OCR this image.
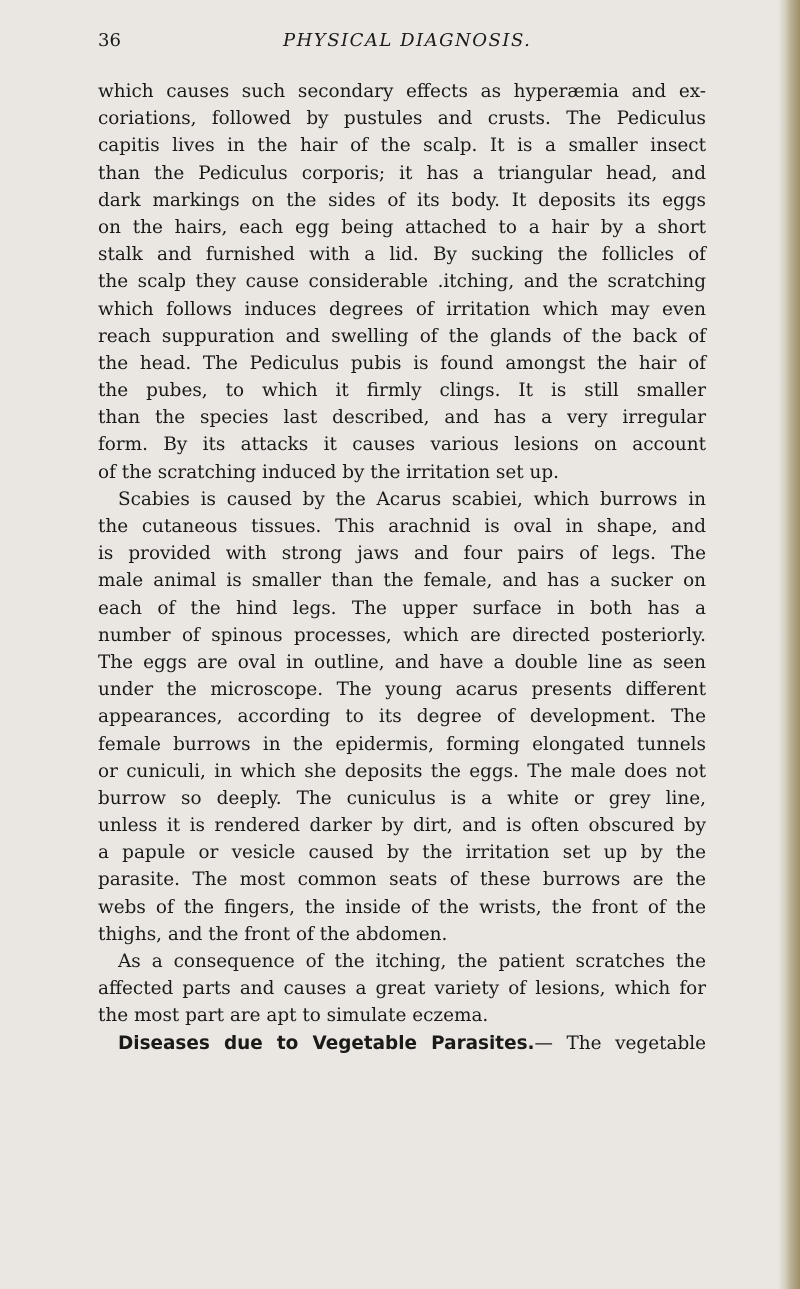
36	PHYSICAL DIAGNOSIS.
which causes such secondary effects as hyperæmia and ex-
coriations, followed by pustules and crusts. The Pediculus
capitis lives in the hair of the scalp. It is a smaller insect
than the Pediculus corporis; it has a triangular head, and
dark markings on the sides of its body. It deposits its eggs
on the hairs, each egg being attached to a hair by a short
stalk and furnished with a lid. By sucking the follicles of
the scalp they cause considerable .itching, and the scratching
which follows induces degrees of irritation which may even
reach suppuration and swelling of the glands of the back of
the head. The Pediculus pubis is found amongst the hair of
the pubes, to which it firmly clings. It is still smaller
than the species last described, and has a very irregular
form. By its attacks it causes various lesions on account
of the scratching induced by the irritation set up.
Scabies is caused by the Acarus scabiei, which burrows in
the cutaneous tissues. This arachnid is oval in shape, and
is provided with strong jaws and four pairs of legs. The
male animal is smaller than the female, and has a sucker on
each of the hind legs. The upper surface in both has a
number of spinous processes, which are directed posteriorly.
The eggs are oval in outline, and have a double line as seen
under the microscope. The young acarus presents different
appearances, according to its degree of development. The
female burrows in the epidermis, forming elongated tunnels
or cuniculi, in which she deposits the eggs. The male does not
burrow so deeply. The cuniculus is a white or grey line,
unless it is rendered darker by dirt, and is often obscured by
a papule or vesicle caused by the irritation set up by the
parasite. The most common seats of these burrows are the
webs of the fingers, the inside of the wrists, the front of the
thighs, and the front of the abdomen.
As a consequence of the itching, the patient scratches the
affected parts and causes a great variety of lesions, which for
the most part are apt to simulate eczema.
Diseases due to Vegetable Parasites.— The vegetable
